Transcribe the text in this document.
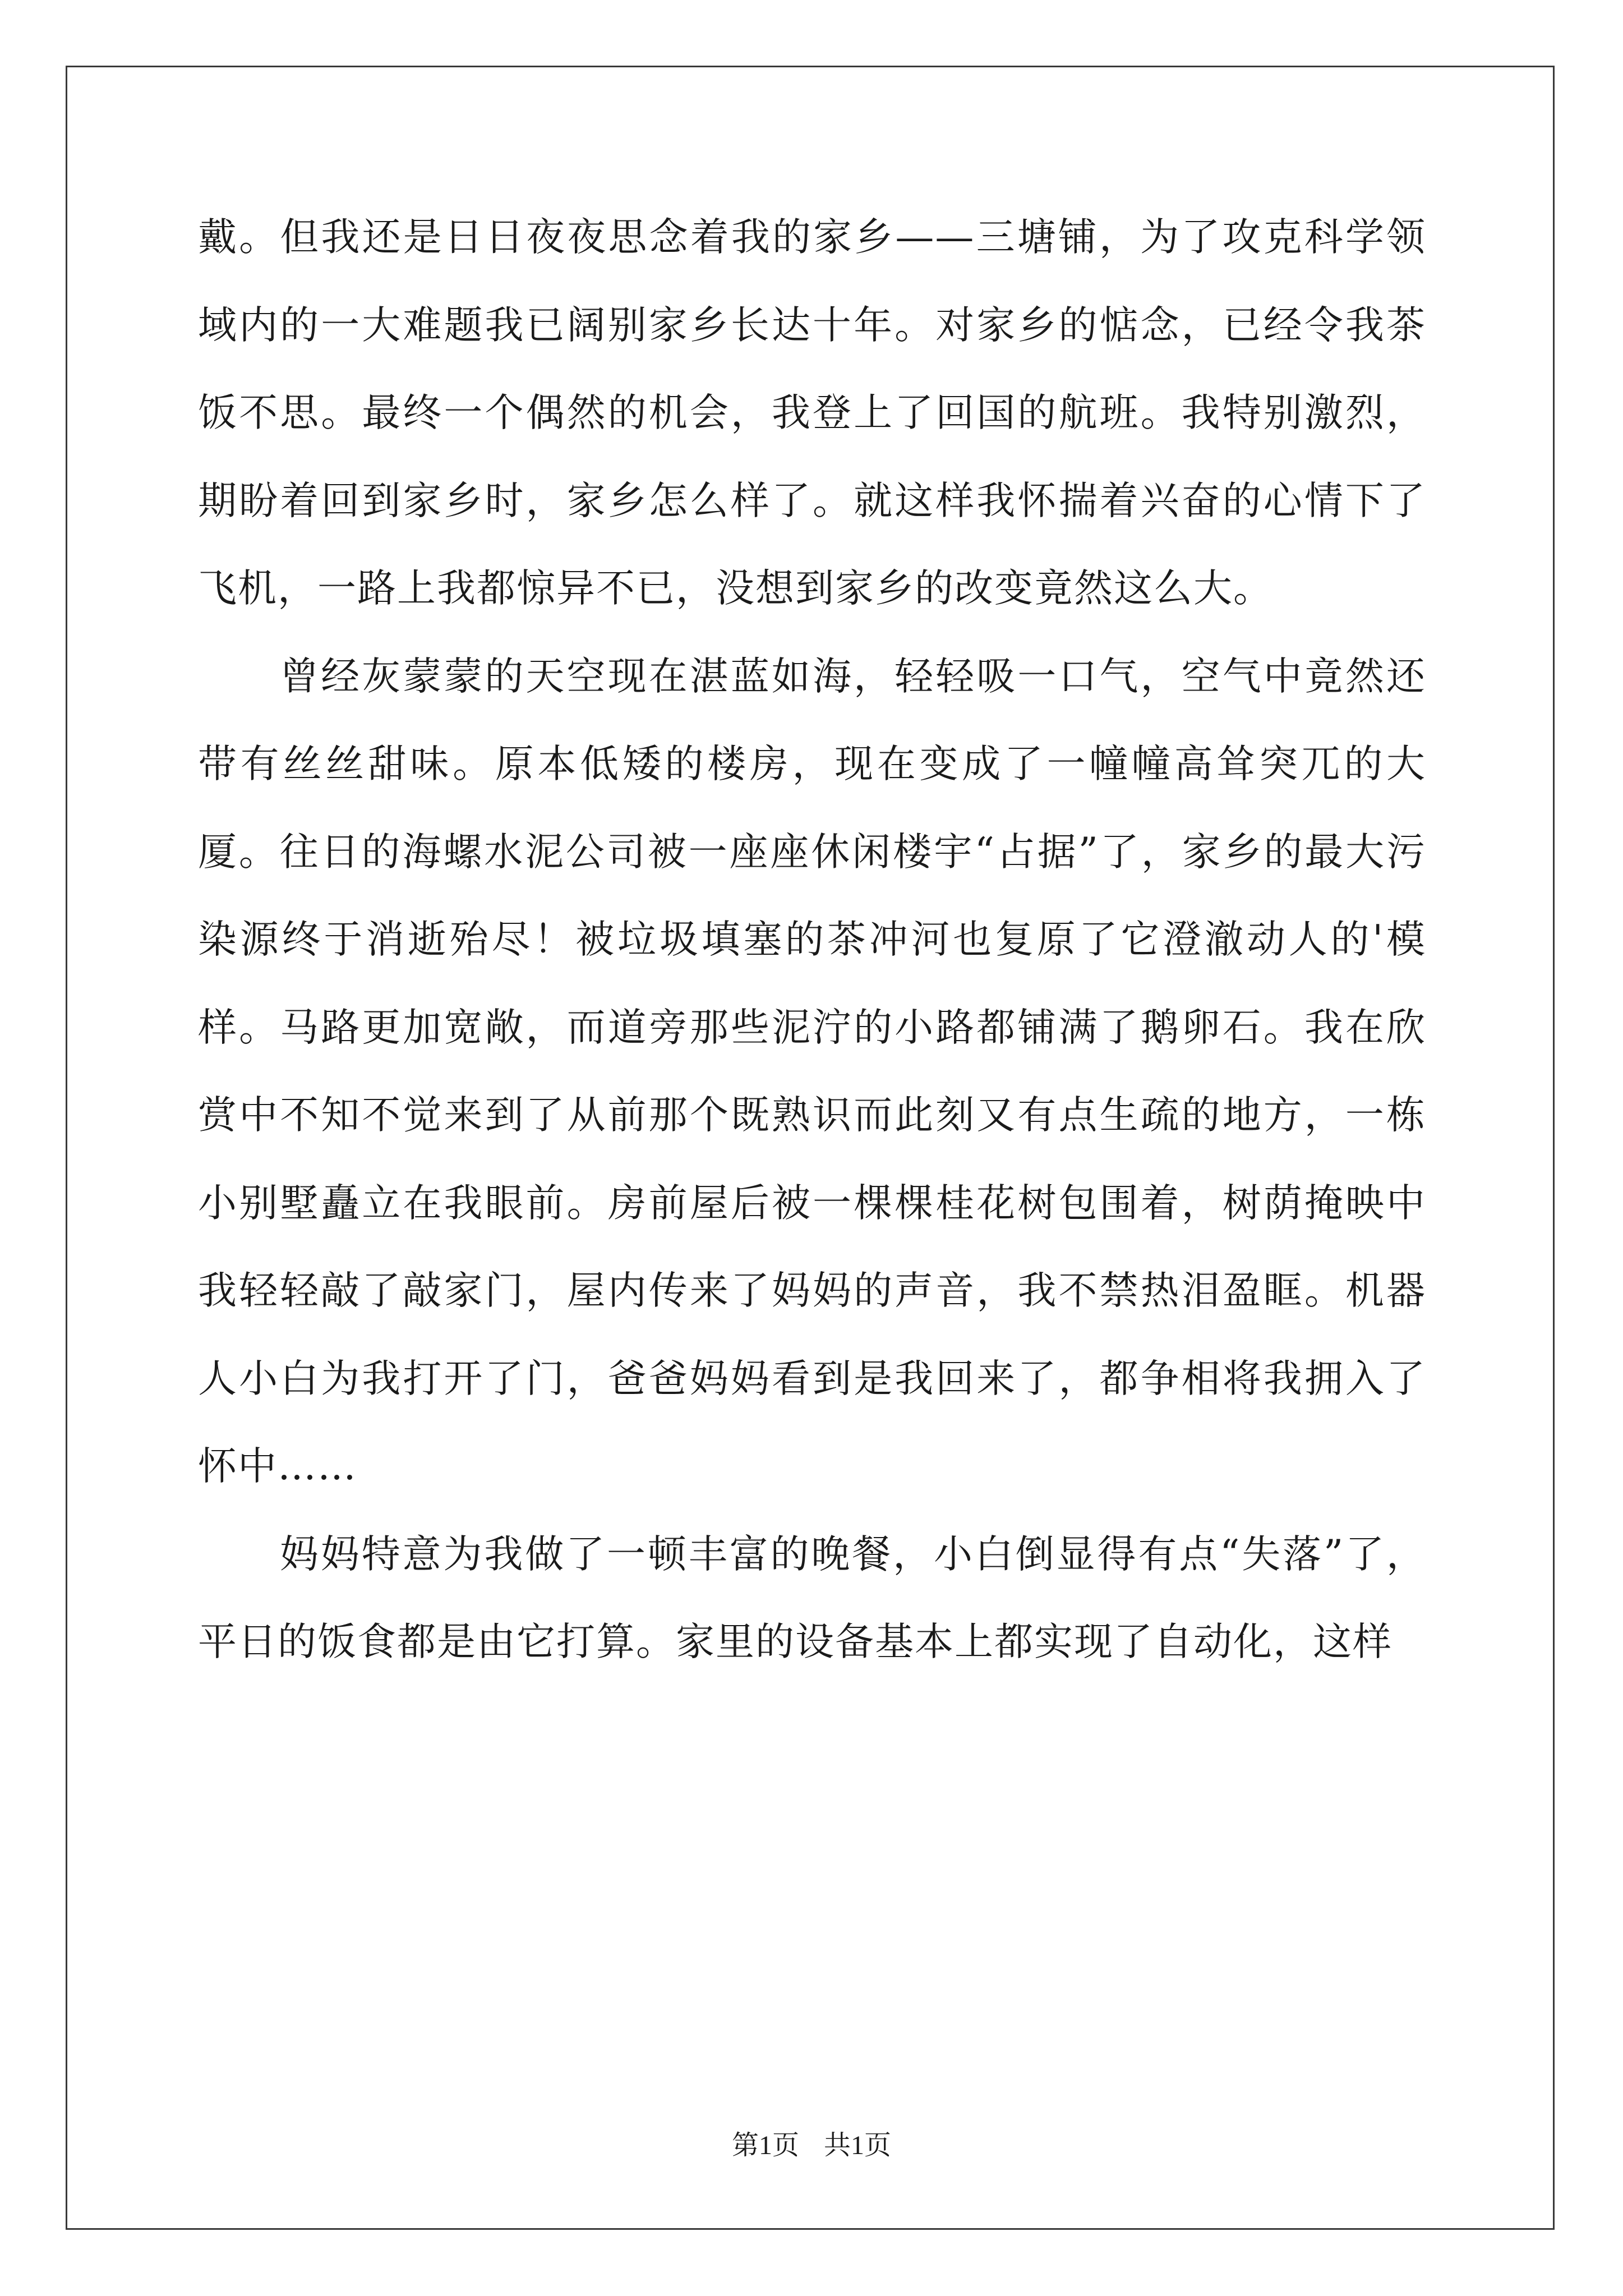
戴。但我还是日日夜夜思念着我的家乡——三塘铺，为了攻克科学领域内的一大难题我已阔别家乡长达十年。对家乡的惦念，已经令我茶饭不思。最终一个偶然的机会，我登上了回国的航班。我特别激烈，期盼着回到家乡时，家乡怎么样了。就这样我怀揣着兴奋的心情下了飞机，一路上我都惊异不已，没想到家乡的改变竟然这么大。

曾经灰蒙蒙的天空现在湛蓝如海，轻轻吸一口气，空气中竟然还带有丝丝甜味。原本低矮的楼房，现在变成了一幢幢高耸突兀的大厦。往日的海螺水泥公司被一座座休闲楼宇“占据”了，家乡的最大污染源终于消逝殆尽！被垃圾填塞的茶冲河也复原了它澄澈动人的'模样。马路更加宽敞，而道旁那些泥泞的小路都铺满了鹅卵石。我在欣赏中不知不觉来到了从前那个既熟识而此刻又有点生疏的地方，一栋小别墅矗立在我眼前。房前屋后被一棵棵桂花树包围着，树荫掩映中我轻轻敲了敲家门，屋内传来了妈妈的声音，我不禁热泪盈眶。机器人小白为我打开了门，爸爸妈妈看到是我回来了，都争相将我拥入了怀中……

妈妈特意为我做了一顿丰富的晚餐，小白倒显得有点“失落”了，平日的饭食都是由它打算。家里的设备基本上都实现了自动化，这样

第1页 共1页
